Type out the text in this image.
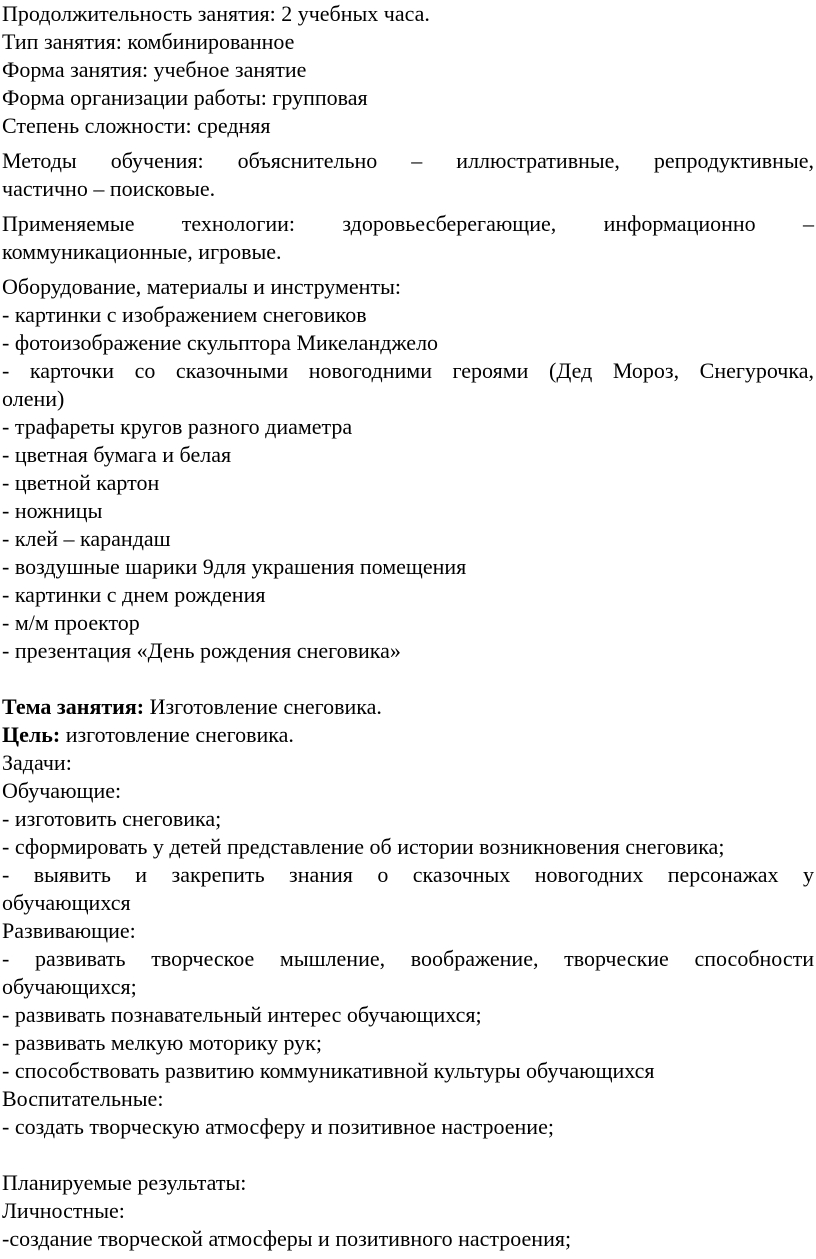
Продолжительность занятия: 2 учебных часа.
Тип занятия: комбинированное
Форма занятия: учебное занятие
Форма организации работы: групповая
Степень сложности: средняя
Методы обучения: объяснительно – иллюстративные, репродуктивные,
частично – поисковые.
Применяемые технологии: здоровьесберегающие, информационно –
коммуникационные, игровые.
Оборудование, материалы и инструменты:
- картинки с изображением снеговиков
- фотоизображение скульптора Микеланджело
- карточки со сказочными новогодними героями (Дед Мороз, Снегурочка,
олени)
- трафареты кругов разного диаметра
- цветная бумага и белая
- цветной картон
- ножницы
- клей – карандаш
- воздушные шарики 9для украшения помещения
- картинки с днем рождения
- м/м проектор
- презентация «День рождения снеговика»
Тема занятия: Изготовление снеговика.
Цель: изготовление снеговика.
Задачи:
Обучающие:
- изготовить снеговика;
- сформировать у детей представление об истории возникновения снеговика;
- выявить и закрепить знания о сказочных новогодних персонажах у
обучающихся
Развивающие:
- развивать творческое мышление, воображение, творческие способности
обучающихся;
- развивать познавательный интерес обучающихся;
- развивать мелкую моторику рук;
- способствовать развитию коммуникативной культуры обучающихся
Воспитательные:
- создать творческую атмосферу и позитивное настроение;
Планируемые результаты:
Личностные:
-создание творческой атмосферы и позитивного настроения;
